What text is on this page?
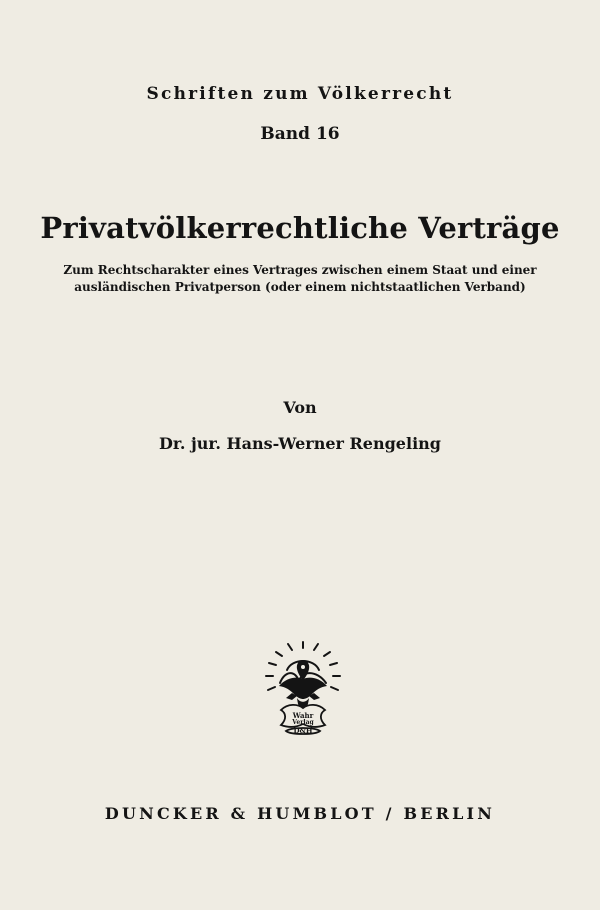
Schriften zum Völkerrecht
Band 16
Privatvölkerrechtliche Verträge
Zum Rechtscharakter eines Vertrages zwischen einem Staat und einer
ausländischen Privatperson (oder einem nichtstaatlichen Verband)
Von
Dr. jur. Hans-Werner Rengeling
Wahr
Verlag
D&H
DUNCKER & HUMBLOT / BERLIN
